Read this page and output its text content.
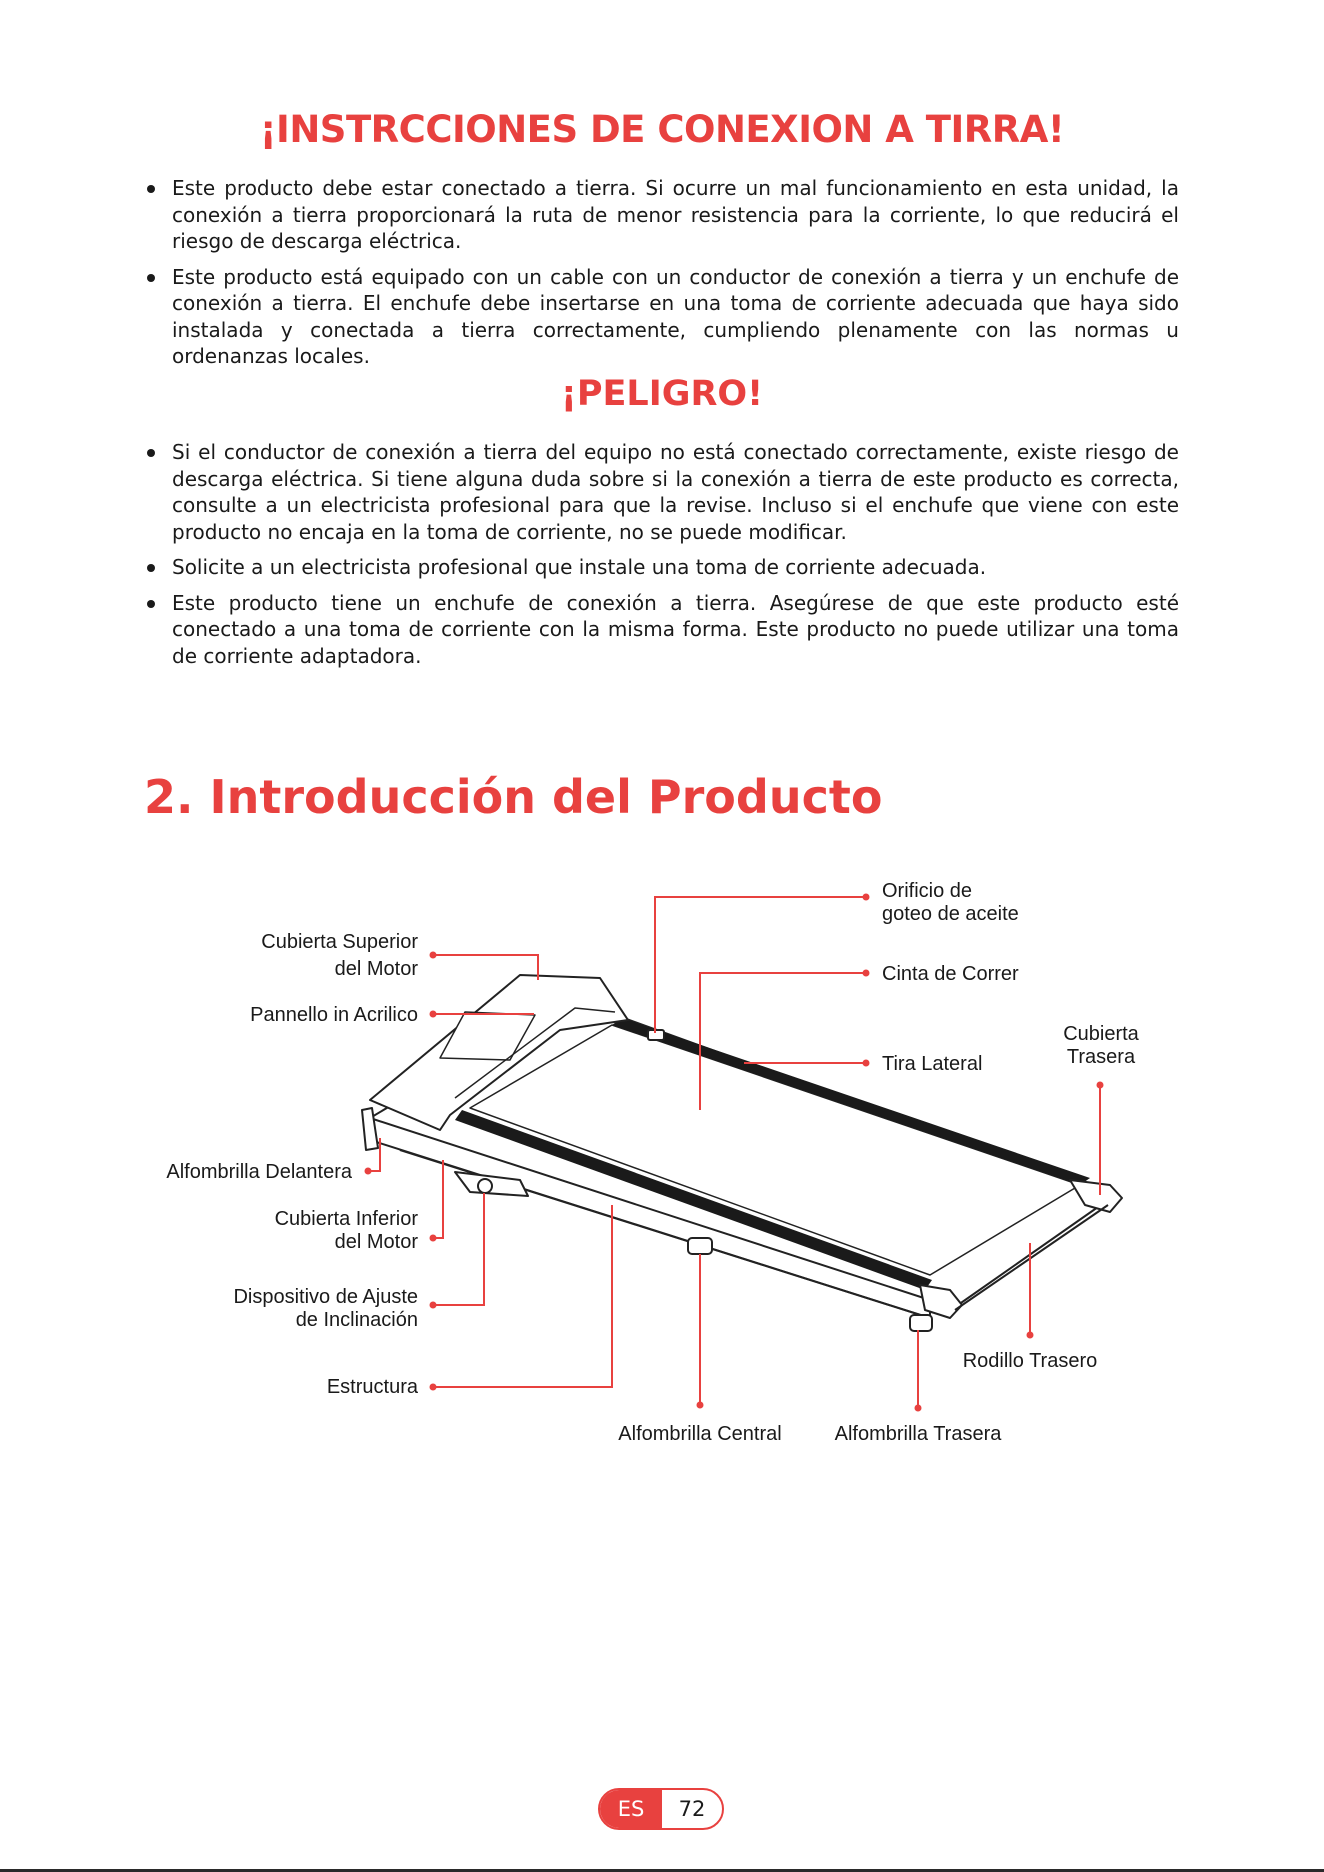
¡INSTRCCIONES DE CONEXION A TIRRA!
Este producto debe estar conectado a tierra. Si ocurre un mal funcionamiento en esta unidad, la conexión a tierra proporcionará la ruta de menor resistencia para la corriente, lo que reducirá el riesgo de descarga eléctrica.
Este producto está equipado con un cable con un conductor de conexión a tierra y un enchufe de conexión a tierra. El enchufe debe insertarse en una toma de corriente adecuada que haya sido instalada y conectada a tierra correctamente, cumpliendo plenamente con las normas u ordenanzas locales.
¡PELIGRO!
Si el conductor de conexión a tierra del equipo no está conectado correctamente, existe riesgo de descarga eléctrica. Si tiene alguna duda sobre si la conexión a tierra de este producto es correcta, consulte a un electricista profesional para que la revise. Incluso si el enchufe que viene con este producto no encaja en la toma de corriente, no se puede modificar.
Solicite a un electricista profesional que instale una toma de corriente adecuada.
Este producto tiene un enchufe de conexión a tierra. Asegúrese de que este producto esté conectado a una toma de corriente con la misma forma. Este producto no puede utilizar una toma de corriente adaptadora.
2. Introducción del Producto
Orificio de
goteo de aceite
Cubierta Superior
del Motor	Cinta de Correr
Pannello in Acrilico
Tira Lateral
Cubierta
Trasera
Alfombrilla Delantera
Cubierta Inferior
del Motor
Dispositivo de Ajuste
de Inclinación
Estructura
Rodillo Trasero
Alfombrilla Central	Alfombrilla Trasera
ES	72
